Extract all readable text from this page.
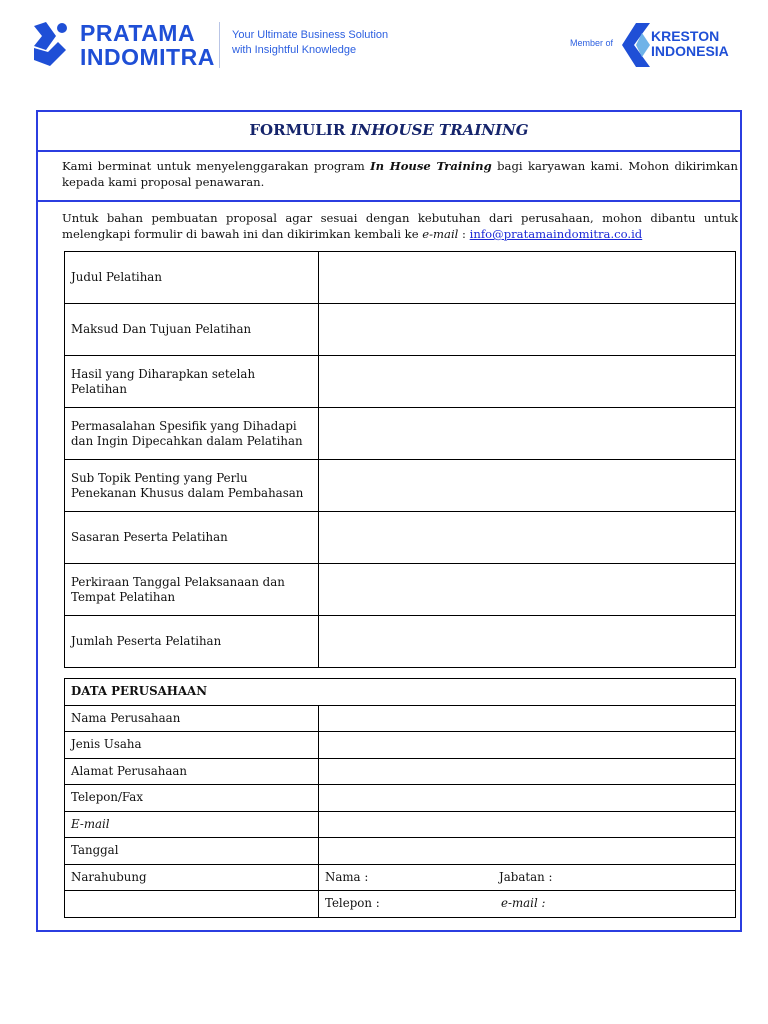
PRATAMA
INDOMITRA
Your Ultimate Business Solution
with Insightful Knowledge
Member of	KRESTON
INDONESIA
FORMULIR INHOUSE TRAINING
Kami berminat untuk menyelenggarakan program In House Training bagi karyawan kami. Mohon dikirimkan kepada kami proposal penawaran.
Untuk bahan pembuatan proposal agar sesuai dengan kebutuhan dari perusahaan, mohon dibantu untuk melengkapi formulir di bawah ini dan dikirimkan kembali ke e-mail : info@pratamaindomitra.co.id
Judul Pelatihan	
Maksud Dan Tujuan Pelatihan	
Hasil yang Diharapkan setelah Pelatihan	
Permasalahan Spesifik yang Dihadapi dan Ingin Dipecahkan dalam Pelatihan	
Sub Topik Penting yang Perlu Penekanan Khusus dalam Pembahasan	
Sasaran Peserta Pelatihan	
Perkiraan Tanggal Pelaksanaan dan Tempat Pelatihan	
Jumlah Peserta Pelatihan	
DATA PERUSAHAAN	
Nama Perusahaan	
Jenis Usaha	
Alamat Perusahaan	
Telepon/Fax	
E-mail	
Tanggal	
Narahubung	Nama : Jabatan :

	Telepon : e-mail :
